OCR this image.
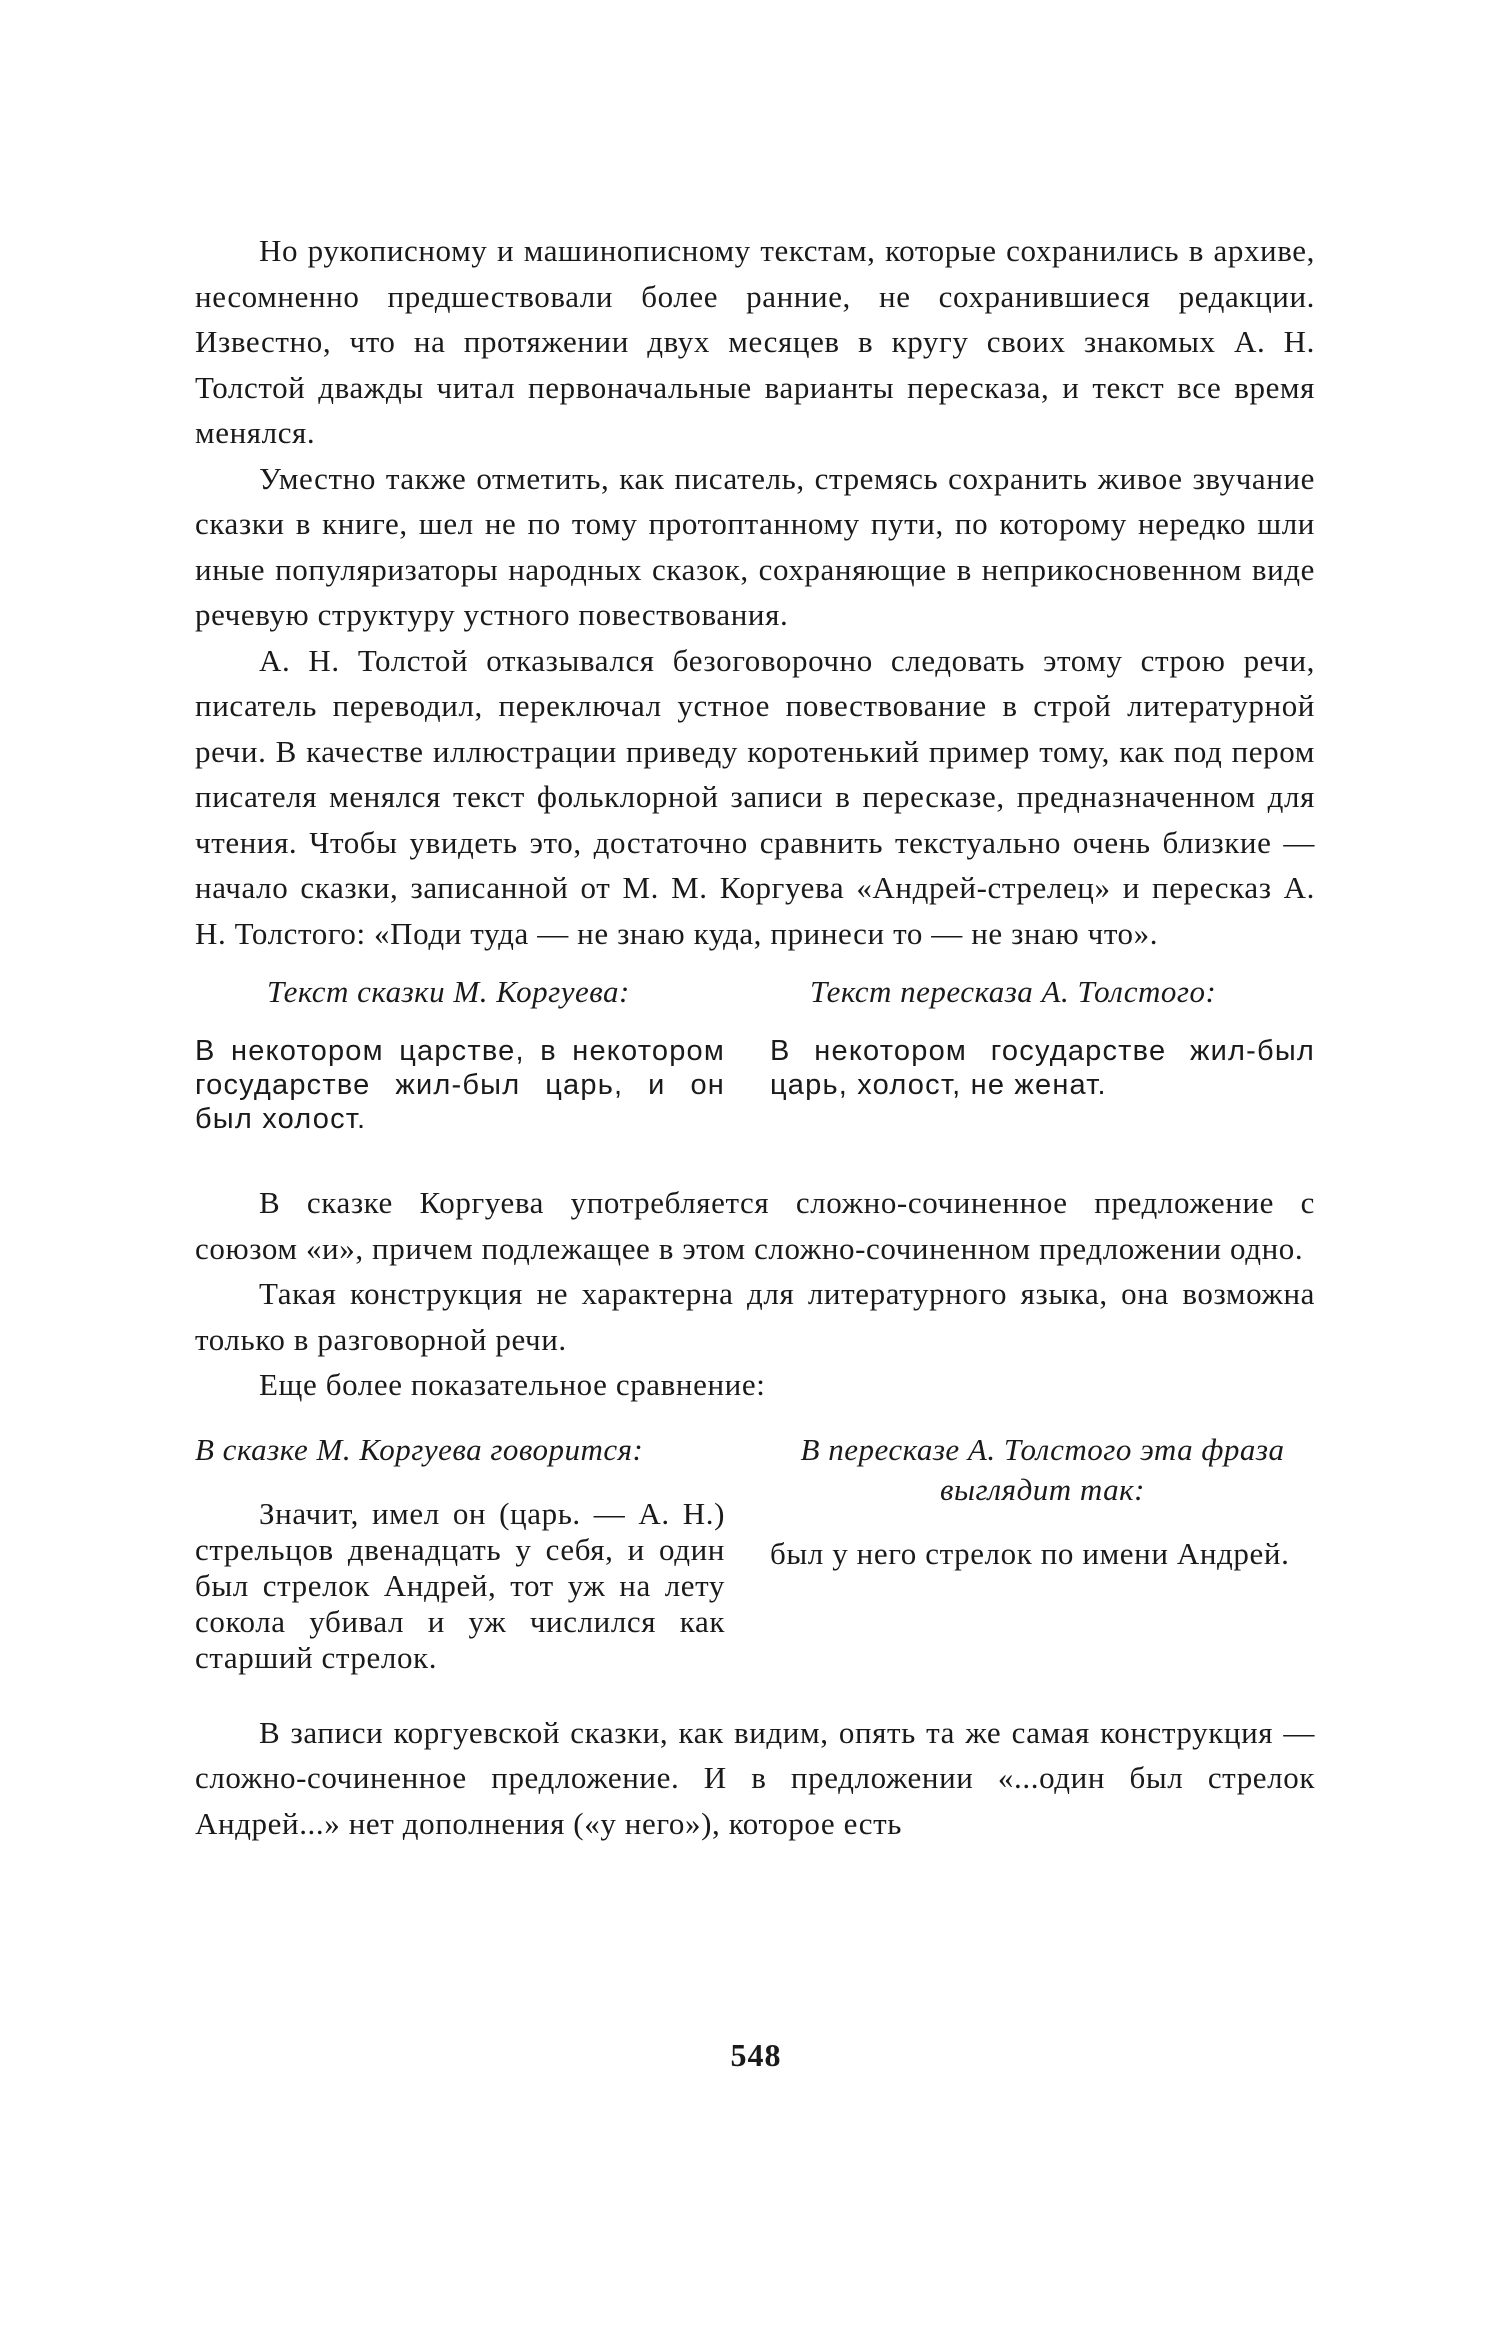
Но рукописному и машинописному текстам, которые сохранились в архиве, несомненно предшествовали более ранние, не сохранившиеся редакции. Известно, что на протяжении двух месяцев в кругу своих знакомых А. Н. Толстой дважды читал первоначальные варианты пересказа, и текст все время менялся.

Уместно также отметить, как писатель, стремясь сохранить живое звучание сказки в книге, шел не по тому протоптанному пути, по которому нередко шли иные популяризаторы народных сказок, сохраняющие в неприкосновенном виде речевую структуру устного повествования.

А. Н. Толстой отказывался безоговорочно следовать этому строю речи, писатель переводил, переключал устное повествование в строй литературной речи. В качестве иллюстрации приведу коротенький пример тому, как под пером писателя менялся текст фольклорной записи в пересказе, предназначенном для чтения. Чтобы увидеть это, достаточно сравнить текстуально очень близкие — начало сказки, записанной от М. М. Коргуева «Андрей-стрелец» и пересказ А. Н. Толстого: «Поди туда — не знаю куда, принеси то — не знаю что».

Текст сказки М. Коргуева:
В некотором царстве, в некотором государстве жил-был царь, и он был холост.
Текст пересказа А. Толстого:
В некотором государстве жил-был царь, холост, не женат.

В сказке Коргуева употребляется сложно-сочиненное предложение с союзом «и», причем подлежащее в этом сложно-сочиненном предложении одно.

Такая конструкция не характерна для литературного языка, она возможна только в разговорной речи.

Еще более показательное сравнение:

В сказке М. Коргуева говорится:
Значит, имел он (царь. — А. Н.) стрельцов двенадцать у себя, и один был стрелок Андрей, тот уж на лету сокола убивал и уж числился как старший стрелок.
В пересказе А. Толстого эта фраза выглядит так:
был у него стрелок по имени Андрей.

В записи коргуевской сказки, как видим, опять та же самая конструкция — сложно-сочиненное предложение. И в предложении «...один был стрелок Андрей...» нет дополнения («у него»), которое есть

548
